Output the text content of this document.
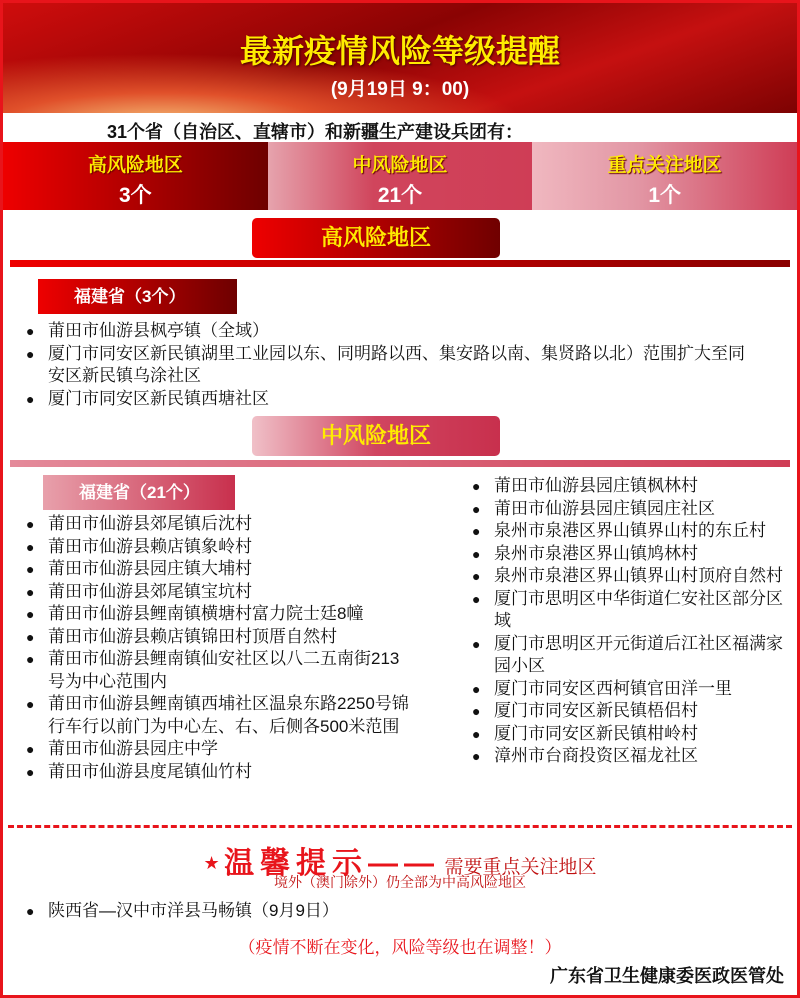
最新疫情风险等级提醒
(9月19日 9：00)
31个省（自治区、直辖市）和新疆生产建设兵团有：
高风险地区
3个
中风险地区
21个
重点关注地区
1个
高风险地区
福建省（3个）
● 莆田市仙游县枫亭镇（全域）
● 厦门市同安区新民镇湖里工业园以东、同明路以西、集安路以南、集贤路以北）范围扩大至同安区新民镇乌涂社区
● 厦门市同安区新民镇西塘社区
中风险地区
福建省（21个）
● 莆田市仙游县郊尾镇后沈村
● 莆田市仙游县赖店镇象岭村
● 莆田市仙游县园庄镇大埔村
● 莆田市仙游县郊尾镇宝坑村
● 莆田市仙游县鲤南镇横塘村富力院士廷8幢
● 莆田市仙游县赖店镇锦田村顶厝自然村
● 莆田市仙游县鲤南镇仙安社区以八二五南街213号为中心范围内
● 莆田市仙游县鲤南镇西埔社区温泉东路2250号锦行车行以前门为中心左、右、后侧各500米范围
● 莆田市仙游县园庄中学
● 莆田市仙游县度尾镇仙竹村
● 莆田市仙游县园庄镇枫林村
● 莆田市仙游县园庄镇园庄社区
● 泉州市泉港区界山镇界山村的东丘村
● 泉州市泉港区界山镇鸠林村
● 泉州市泉港区界山镇界山村顶府自然村
● 厦门市思明区中华街道仁安社区部分区域
● 厦门市思明区开元街道后江社区福满家园小区
● 厦门市同安区西柯镇官田洋一里
● 厦门市同安区新民镇梧侣村
● 厦门市同安区新民镇柑岭村
● 漳州市台商投资区福龙社区
★ 温馨提示—— 需要重点关注地区
境外（澳门除外）仍全部为中高风险地区
● 陕西省—汉中市洋县马畅镇（9月9日）
（疫情不断在变化，风险等级也在调整！）
广东省卫生健康委医政医管处
